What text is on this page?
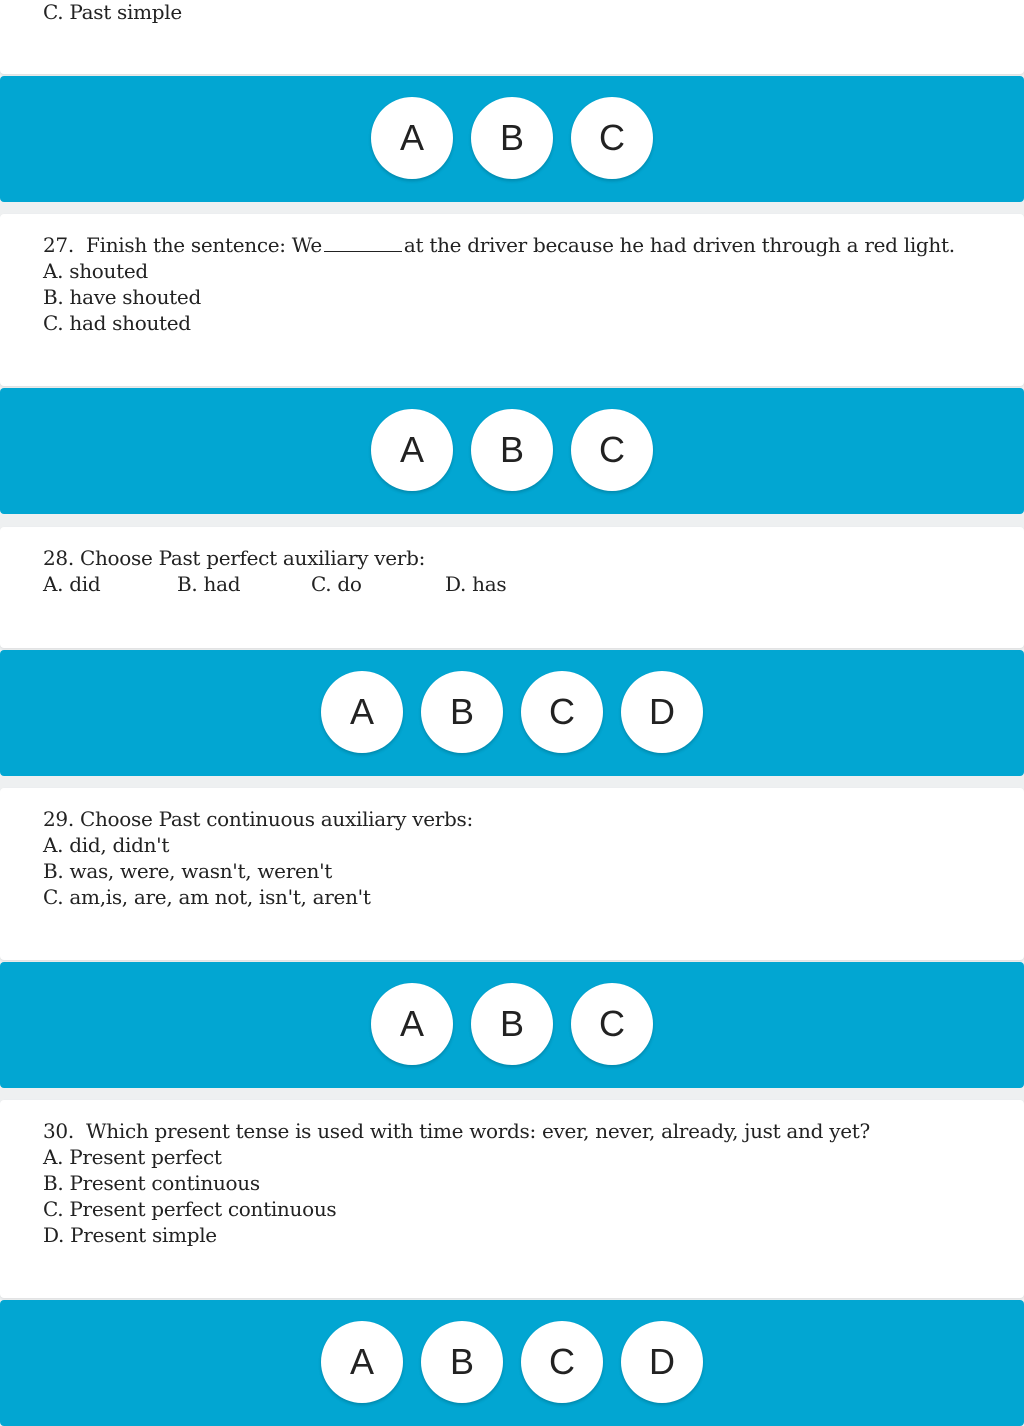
C. Past simple
A	B	C
27.  Finish the sentence: We	at the driver because he had driven through a red light.
A. shouted
B. have shouted
C. had shouted
A	B	C
28. Choose Past perfect auxiliary verb:
A. did	B. had	C. do	D. has
A	B	C	D
29. Choose Past continuous auxiliary verbs:
A. did, didn't
B. was, were, wasn't, weren't
C. am,is, are, am not, isn't, aren't
A	B	C
30.  Which present tense is used with time words: ever, never, already, just and yet?
A. Present perfect
B. Present continuous
C. Present perfect continuous
D. Present simple
A	B	C	D
